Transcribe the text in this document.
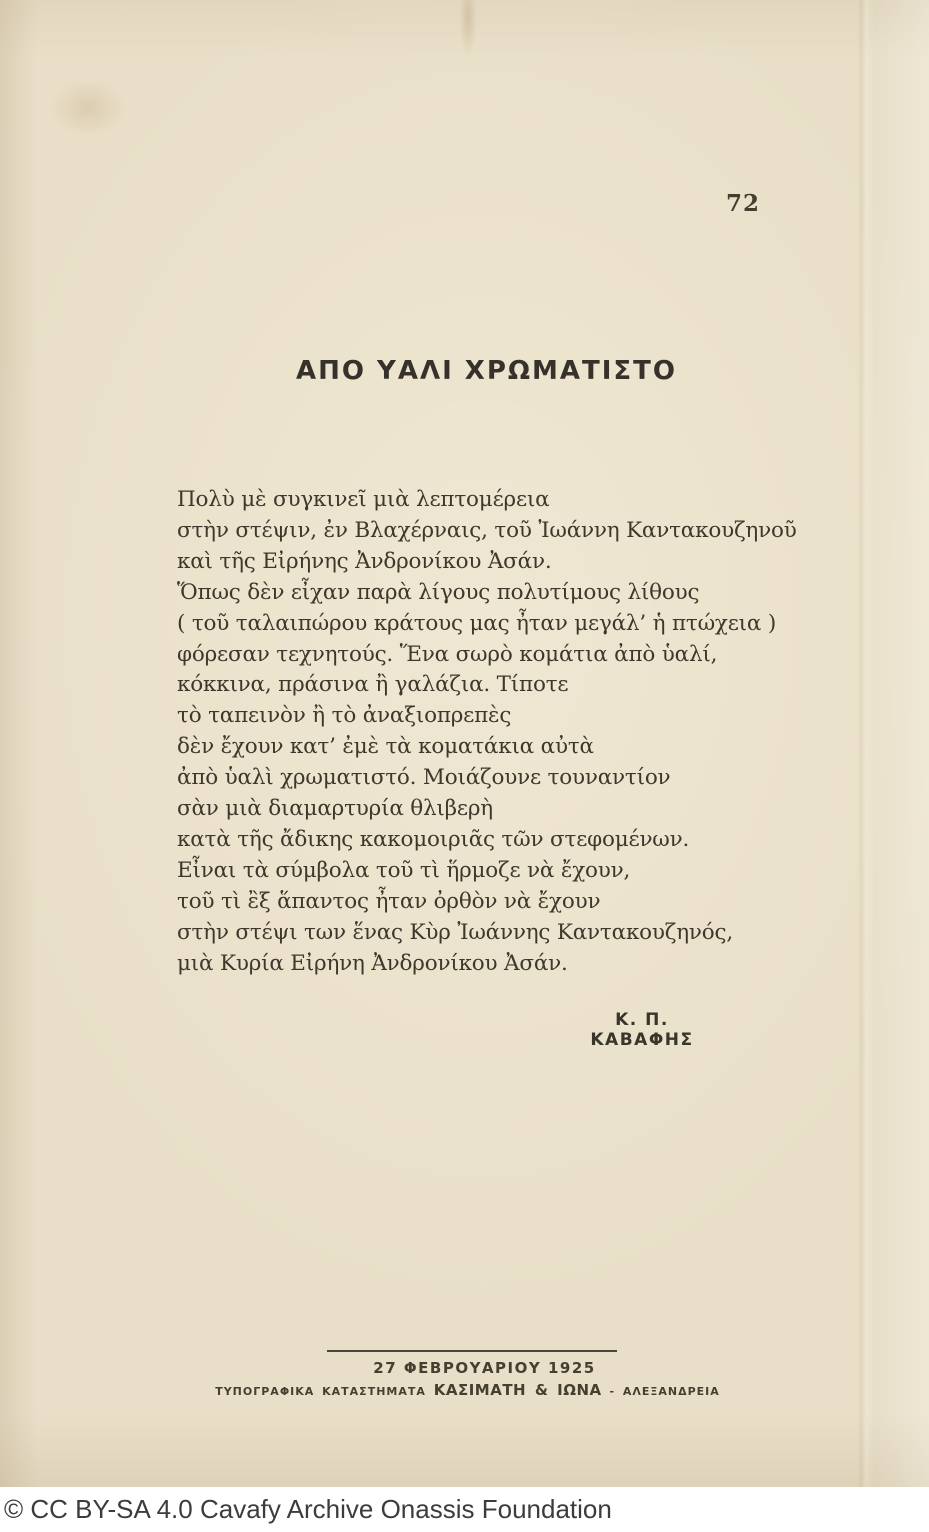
72
ΑΠΟ ΥΑΛΙ ΧΡΩΜΑΤΙΣΤΟ
Πολὺ μὲ συγκινεῖ μιὰ λεπτομέρεια
στὴν στέψιν, ἐν Βλαχέρναις, τοῦ Ἰωάννη Καντακουζηνοῦ
καὶ τῆς Εἰρήνης Ἀνδρονίκου Ἀσάν.
Ὅπως δὲν εἶχαν παρὰ λίγους πολυτίμους λίθους
( τοῦ ταλαιπώρου κράτους μας ἦταν μεγάλ’ ἡ πτώχεια )
φόρεσαν τεχνητούς. Ἕνα σωρὸ κομάτια ἀπὸ ὑαλί,
κόκκινα, πράσινα ἢ γαλάζια. Τίποτε
τὸ ταπεινὸν ἢ τὸ ἀναξιοπρεπὲς
δὲν ἔχουν κατ’ ἐμὲ τὰ κοματάκια αὐτὰ
ἀπὸ ὑαλὶ χρωματιστό. Μοιάζουνε τουναντίον
σὰν μιὰ διαμαρτυρία θλιβερὴ
κατὰ τῆς ἄδικης κακομοιριᾶς τῶν στεφομένων.
Εἶναι τὰ σύμβολα τοῦ τὶ ἥρμοζε νὰ ἔχουν,
τοῦ τὶ ἒξ ἅπαντος ἦταν ὀρθὸν νὰ ἔχουν
στὴν στέψι των ἕνας Κὺρ Ἰωάννης Καντακουζηνός,
μιὰ Κυρία Εἰρήνη Ἀνδρονίκου Ἀσάν.
Κ. Π. ΚΑΒΑΦΗΣ
27 ΦΕΒΡΟΥΑΡΙΟΥ 1925
ΤΥΠΟΓΡΑΦΙΚΑ ΚΑΤΑΣΤΗΜΑΤΑ ΚΑΣΙΜΑΤΗ & ΙΩΝΑ - ΑΛΕΞΑΝΔΡΕΙΑ
© CC BY-SA 4.0 Cavafy Archive Onassis Foundation
